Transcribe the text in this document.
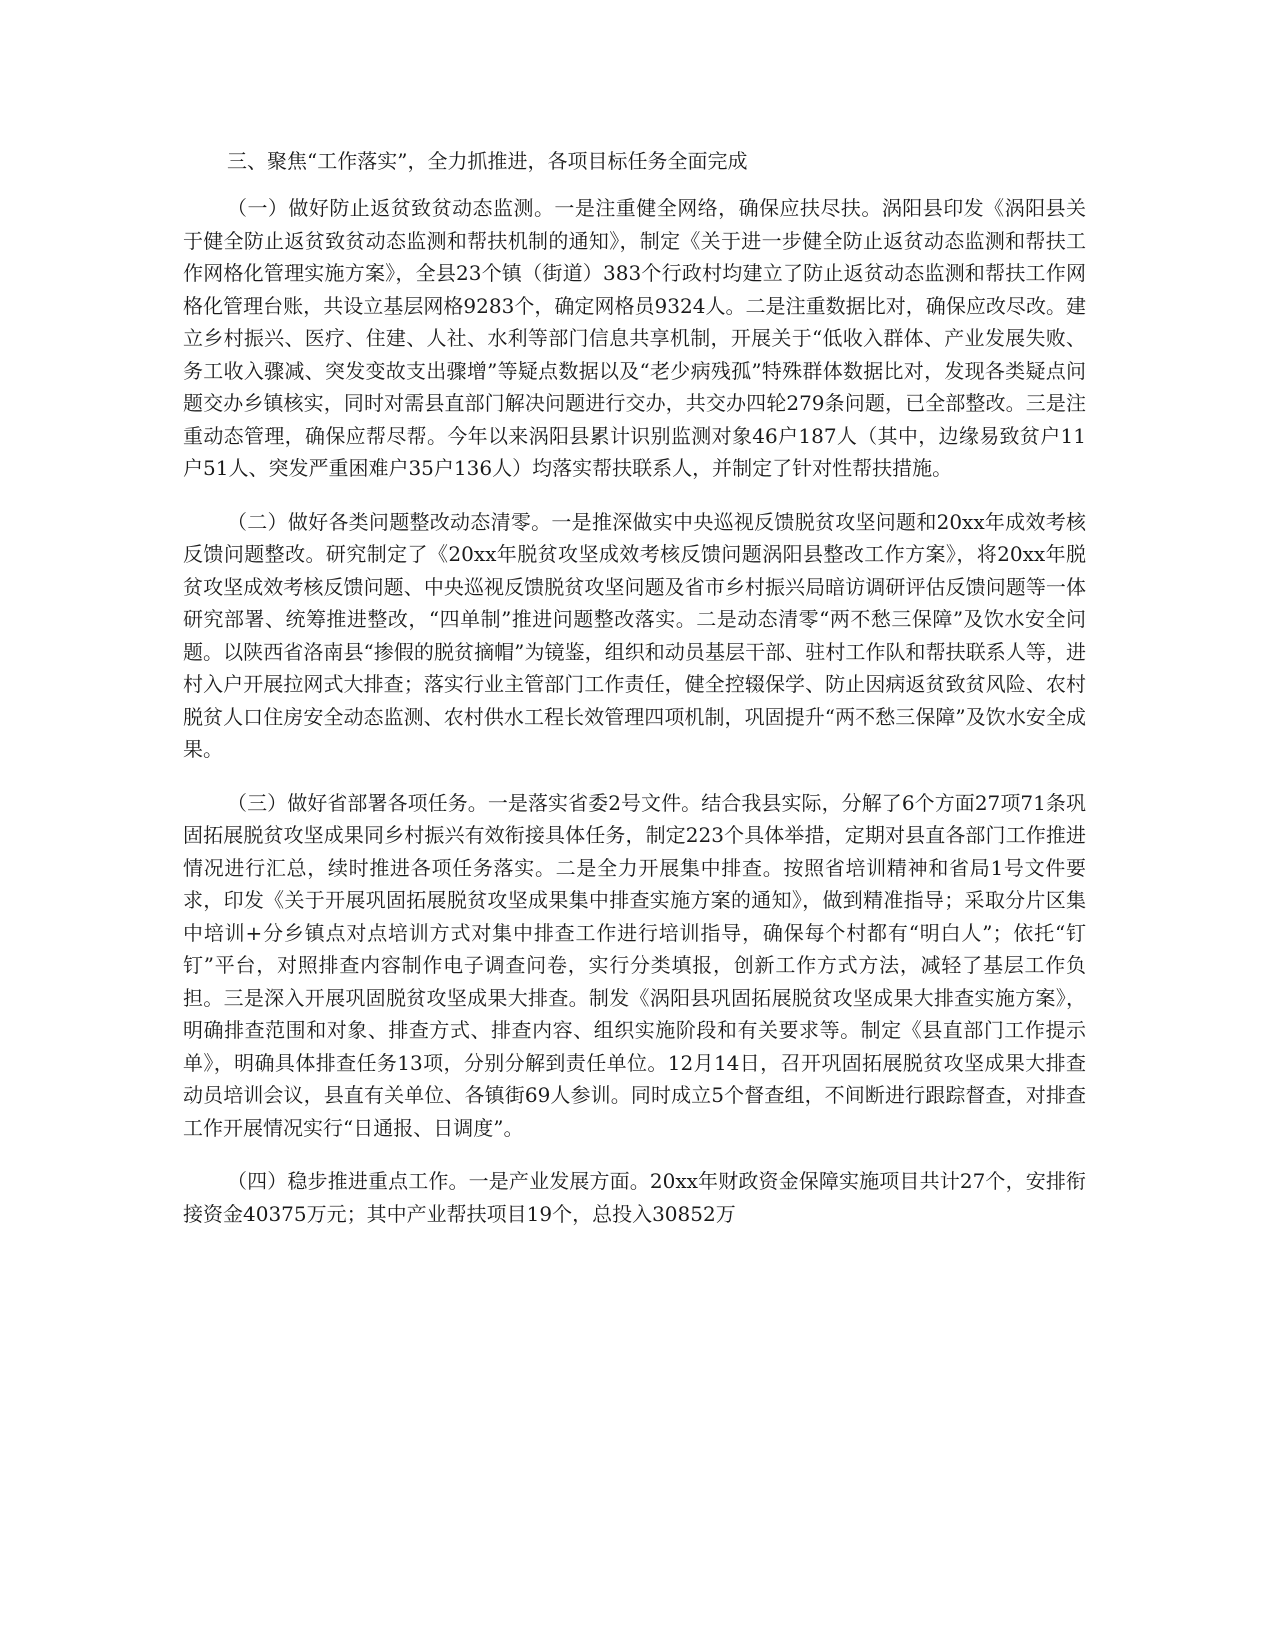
三、聚焦“工作落实”，全力抓推进，各项目标任务全面完成

（一）做好防止返贫致贫动态监测。一是注重健全网络，确保应扶尽扶。涡阳县印发《涡阳县关于健全防止返贫致贫动态监测和帮扶机制的通知》，制定《关于进一步健全防止返贫动态监测和帮扶工作网格化管理实施方案》，全县23个镇（街道）383个行政村均建立了防止返贫动态监测和帮扶工作网格化管理台账，共设立基层网格9283个，确定网格员9324人。二是注重数据比对，确保应改尽改。建立乡村振兴、医疗、住建、人社、水利等部门信息共享机制，开展关于“低收入群体、产业发展失败、务工收入骤减、突发变故支出骤增”等疑点数据以及“老少病残孤”特殊群体数据比对，发现各类疑点问题交办乡镇核实，同时对需县直部门解决问题进行交办，共交办四轮279条问题，已全部整改。三是注重动态管理，确保应帮尽帮。今年以来涡阳县累计识别监测对象46户187人（其中，边缘易致贫户11户51人、突发严重困难户35户136人）均落实帮扶联系人，并制定了针对性帮扶措施。

（二）做好各类问题整改动态清零。一是推深做实中央巡视反馈脱贫攻坚问题和20xx年成效考核反馈问题整改。研究制定了《20xx年脱贫攻坚成效考核反馈问题涡阳县整改工作方案》，将20xx年脱贫攻坚成效考核反馈问题、中央巡视反馈脱贫攻坚问题及省市乡村振兴局暗访调研评估反馈问题等一体研究部署、统筹推进整改，“四单制”推进问题整改落实。二是动态清零“两不愁三保障”及饮水安全问题。以陕西省洛南县“掺假的脱贫摘帽”为镜鉴，组织和动员基层干部、驻村工作队和帮扶联系人等，进村入户开展拉网式大排查；落实行业主管部门工作责任，健全控辍保学、防止因病返贫致贫风险、农村脱贫人口住房安全动态监测、农村供水工程长效管理四项机制，巩固提升“两不愁三保障”及饮水安全成果。

（三）做好省部署各项任务。一是落实省委2号文件。结合我县实际，分解了6个方面27项71条巩固拓展脱贫攻坚成果同乡村振兴有效衔接具体任务，制定223个具体举措，定期对县直各部门工作推进情况进行汇总，续时推进各项任务落实。二是全力开展集中排查。按照省培训精神和省局1号文件要求，印发《关于开展巩固拓展脱贫攻坚成果集中排查实施方案的通知》，做到精准指导；采取分片区集中培训+分乡镇点对点培训方式对集中排查工作进行培训指导，确保每个村都有“明白人”；依托“钉钉”平台，对照排查内容制作电子调查问卷，实行分类填报，创新工作方式方法，减轻了基层工作负担。三是深入开展巩固脱贫攻坚成果大排查。制发《涡阳县巩固拓展脱贫攻坚成果大排查实施方案》，明确排查范围和对象、排查方式、排查内容、组织实施阶段和有关要求等。制定《县直部门工作提示单》，明确具体排查任务13项，分别分解到责任单位。12月14日，召开巩固拓展脱贫攻坚成果大排查动员培训会议，县直有关单位、各镇街69人参训。同时成立5个督查组，不间断进行跟踪督查，对排查工作开展情况实行“日通报、日调度”。

（四）稳步推进重点工作。一是产业发展方面。20xx年财政资金保障实施项目共计27个，安排衔接资金40375万元；其中产业帮扶项目19个，总投入30852万
